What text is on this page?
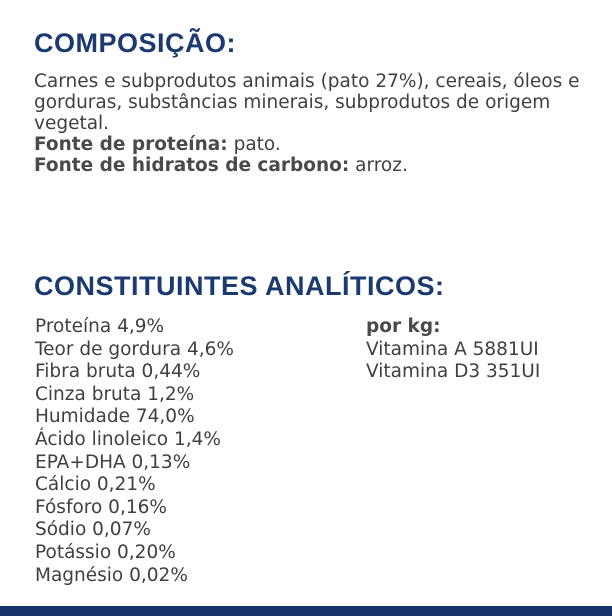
COMPOSIÇÃO:

Carnes e subprodutos animais (pato 27%), cereais, óleos e gorduras, substâncias minerais, subprodutos de origem vegetal.

Fonte de proteína: pato.

Fonte de hidratos de carbono: arroz.

CONSTITUINTES ANALÍTICOS:
Proteína 4,9%
Teor de gordura 4,6%
Fibra bruta 0,44%
Cinza bruta 1,2%
Humidade 74,0%
Ácido linoleico 1,4%
EPA+DHA 0,13%
Cálcio 0,21%
Fósforo 0,16%
Sódio 0,07%
Potássio 0,20%
Magnésio 0,02%
por kg:
Vitamina A 5881UI
Vitamina D3 351UI
